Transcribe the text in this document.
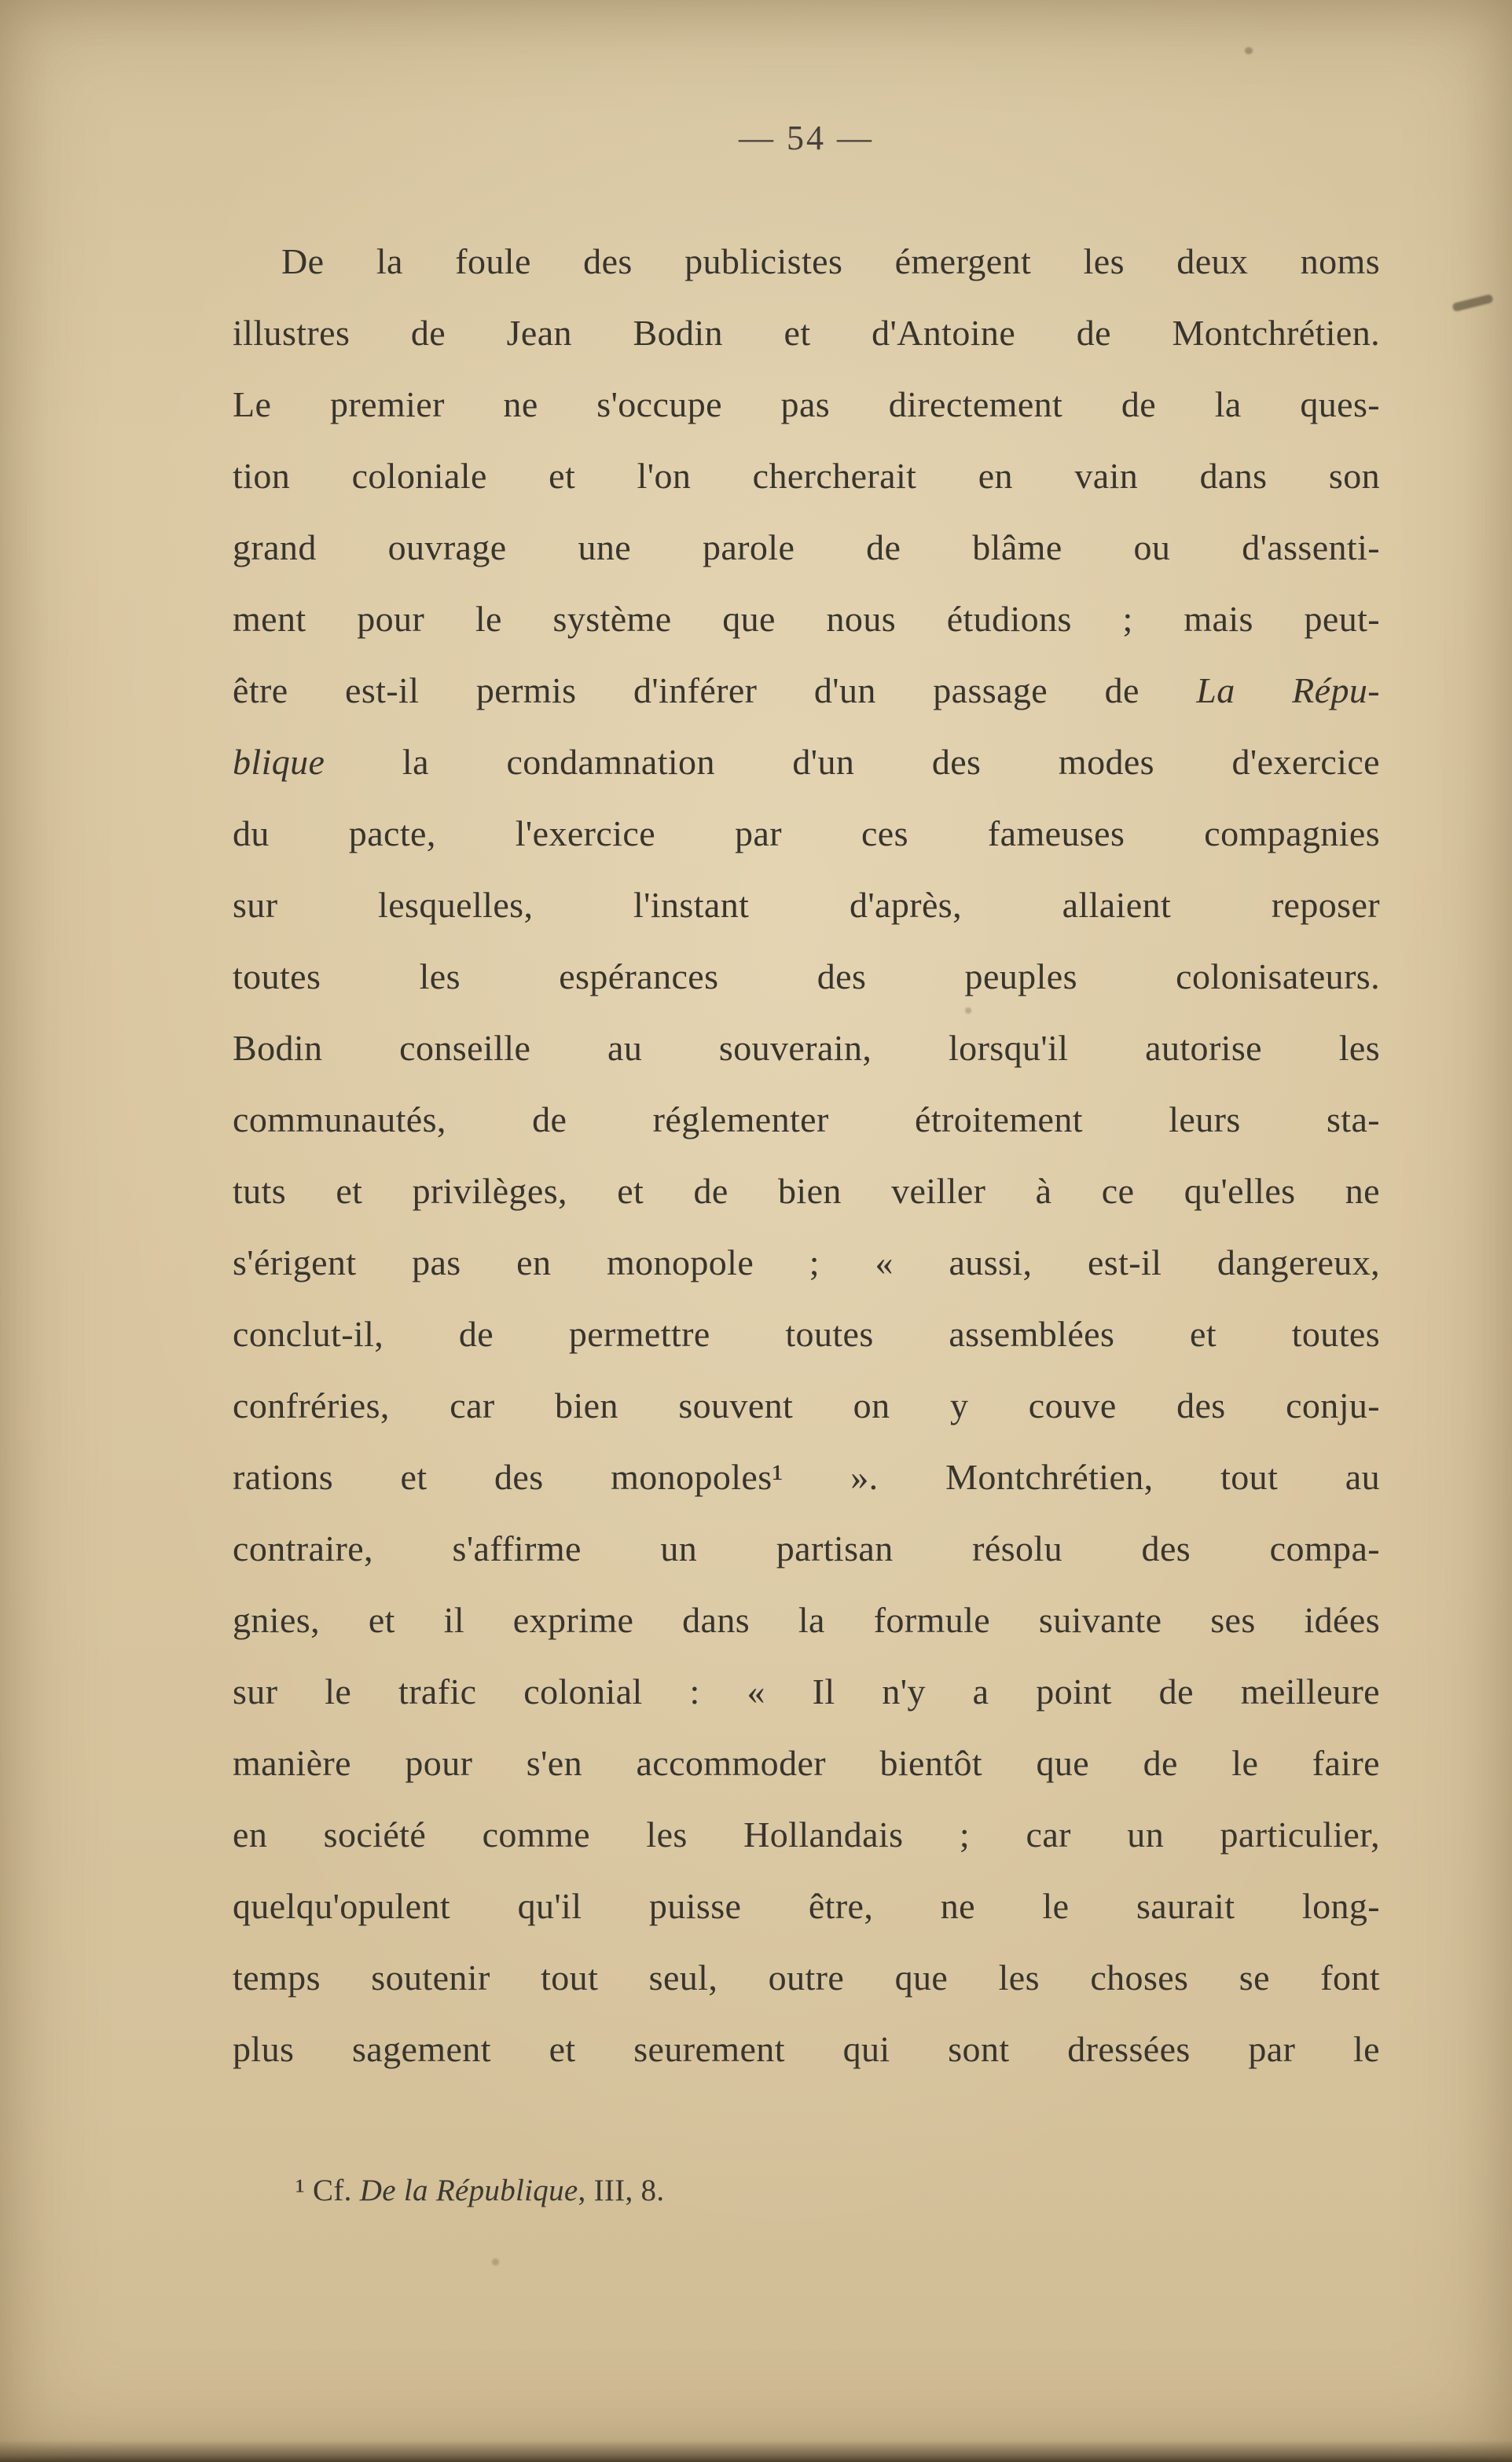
— 54 —
De la foule des publicistes émergent les deux noms
illustres de Jean Bodin et d'Antoine de Montchrétien.
Le premier ne s'occupe pas directement de la ques-
tion coloniale et l'on chercherait en vain dans son
grand ouvrage une parole de blâme ou d'assenti-
ment pour le système que nous étudions ; mais peut-
être est-il permis d'inférer d'un passage de La Répu-
blique la condamnation d'un des modes d'exercice
du pacte, l'exercice par ces fameuses compagnies
sur lesquelles, l'instant d'après, allaient reposer
toutes les espérances des peuples colonisateurs.
Bodin conseille au souverain, lorsqu'il autorise les
communautés, de réglementer étroitement leurs sta-
tuts et privilèges, et de bien veiller à ce qu'elles ne
s'érigent pas en monopole ; « aussi, est-il dangereux,
conclut-il, de permettre toutes assemblées et toutes
confréries, car bien souvent on y couve des conju-
rations et des monopoles¹ ». Montchrétien, tout au
contraire, s'affirme un partisan résolu des compa-
gnies, et il exprime dans la formule suivante ses idées
sur le trafic colonial : « Il n'y a point de meilleure
manière pour s'en accommoder bientôt que de le faire
en société comme les Hollandais ; car un particulier,
quelqu'opulent qu'il puisse être, ne le saurait long-
temps soutenir tout seul, outre que les choses se font
plus sagement et seurement qui sont dressées par le
¹ Cf. De la République, III, 8.
